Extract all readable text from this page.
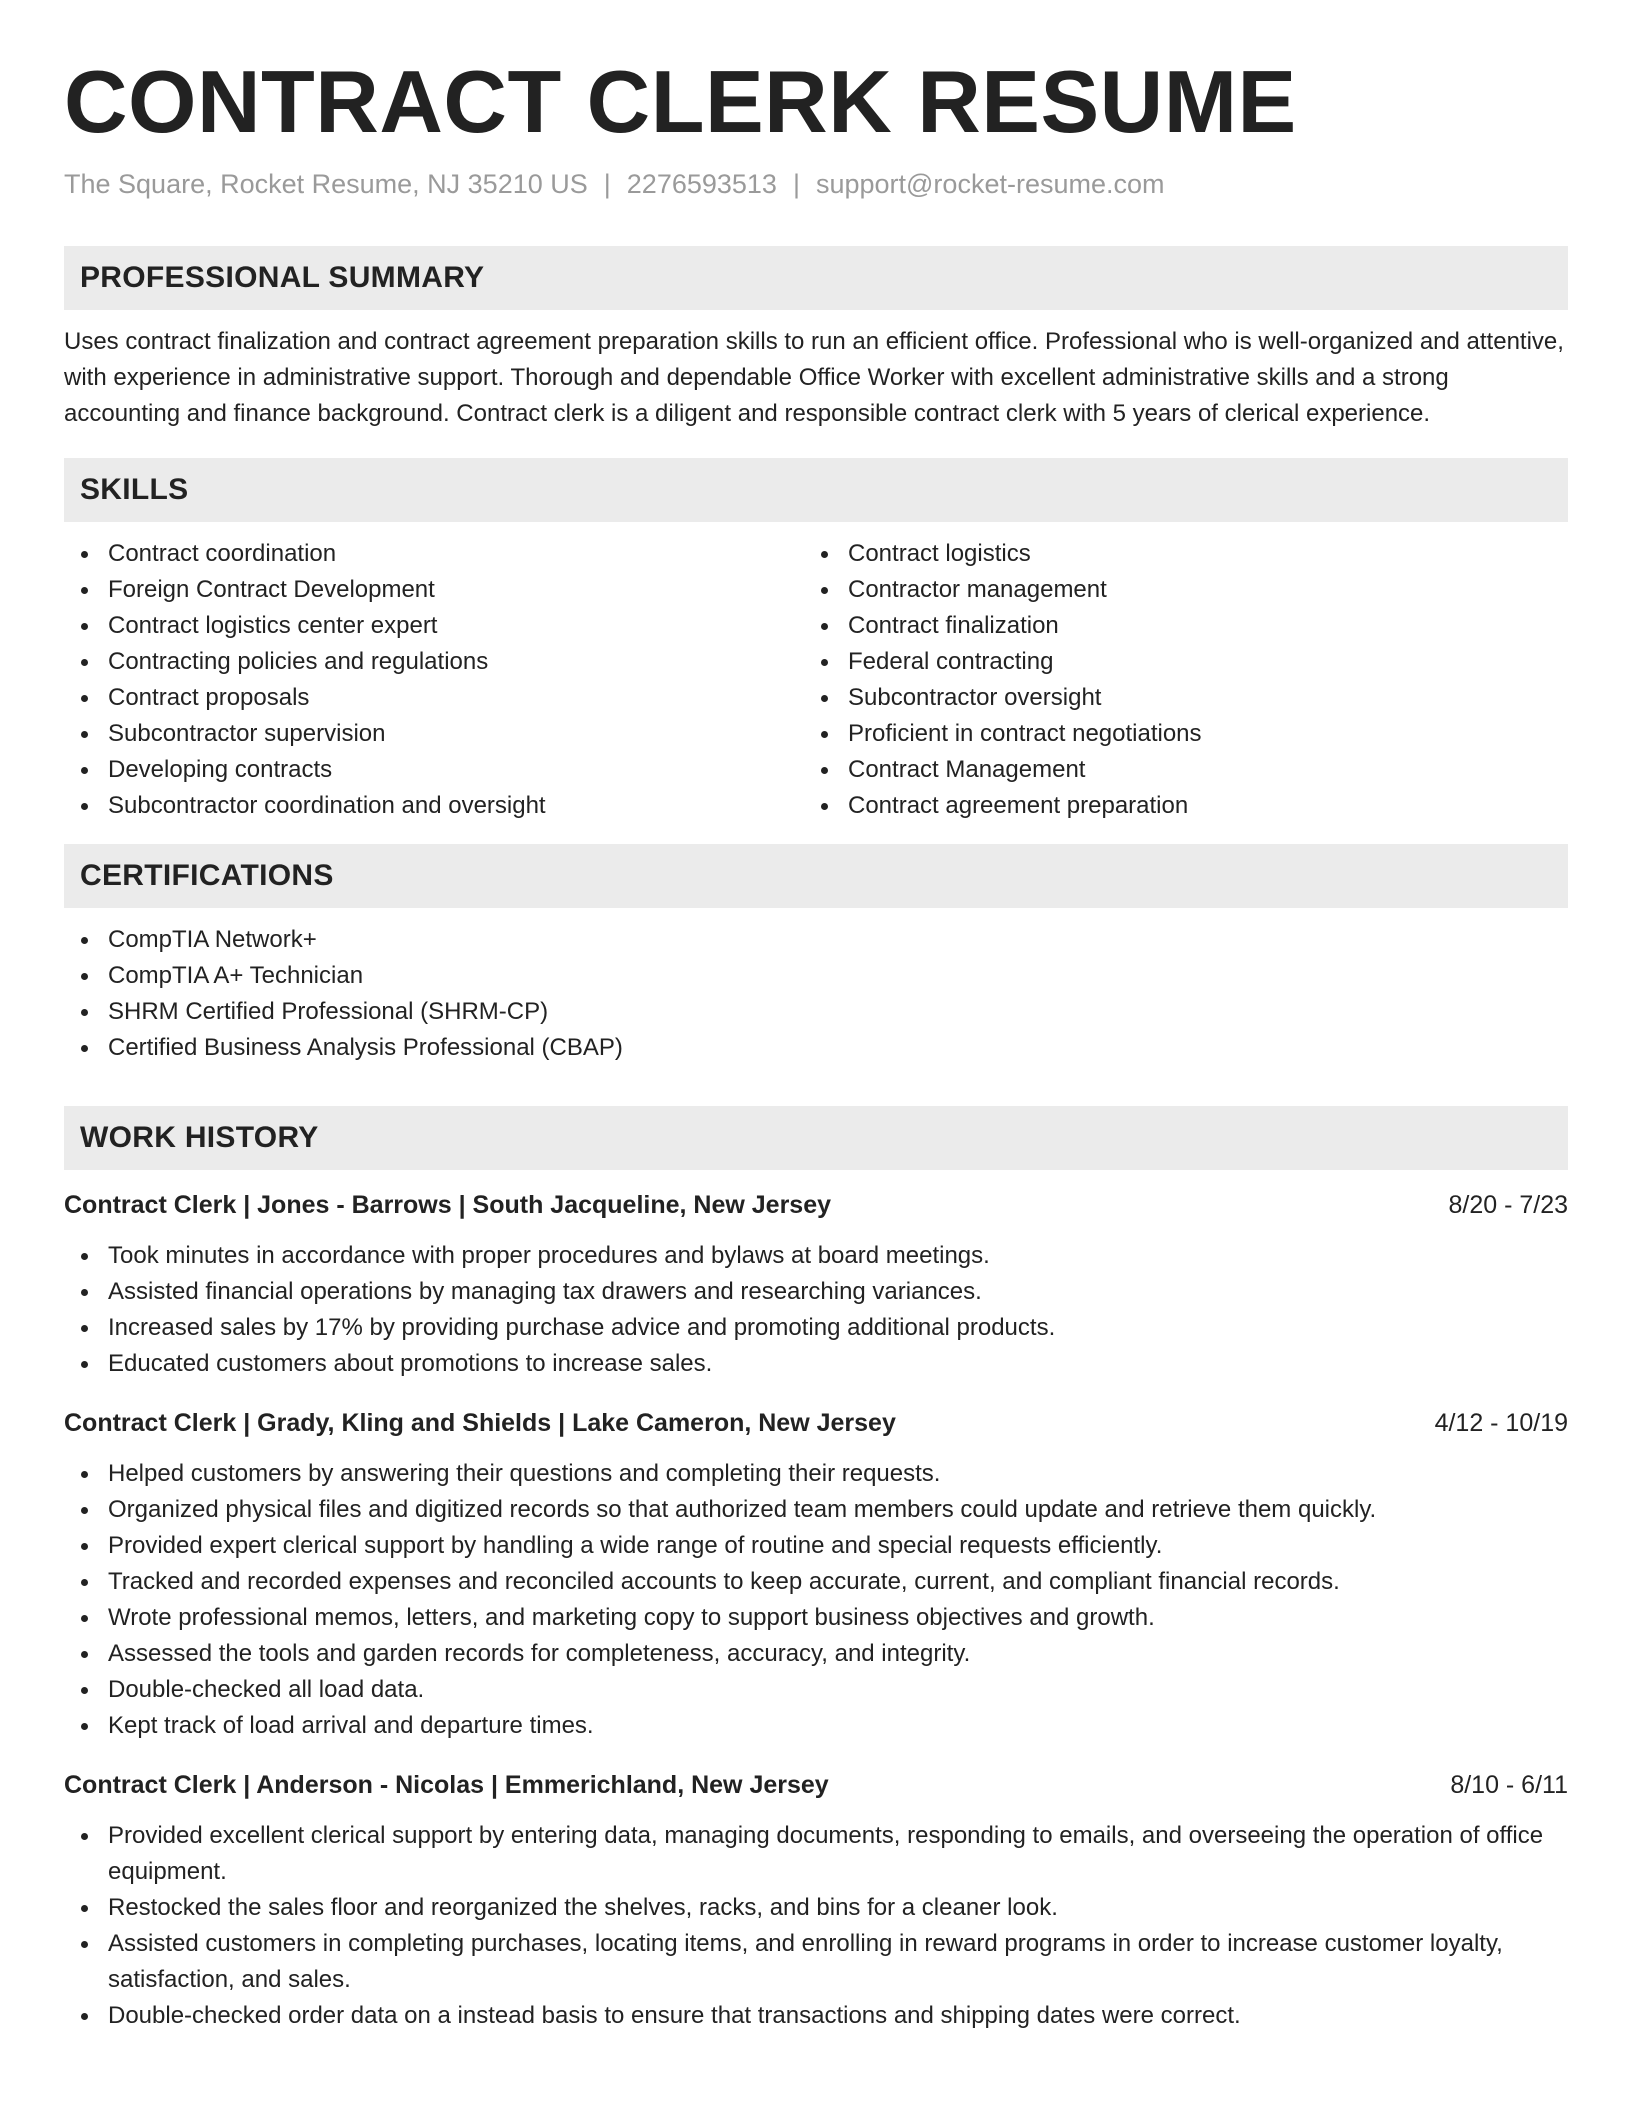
CONTRACT CLERK RESUME
The Square, Rocket Resume, NJ 35210 US | 2276593513 | support@rocket-resume.com
PROFESSIONAL SUMMARY

Uses contract finalization and contract agreement preparation skills to run an efficient office. Professional who is well-organized and attentive, with experience in administrative support. Thorough and dependable Office Worker with excellent administrative skills and a strong accounting and finance background. Contract clerk is a diligent and responsible contract clerk with 5 years of clerical experience.

SKILLS
Contract coordination
Foreign Contract Development
Contract logistics center expert
Contracting policies and regulations
Contract proposals
Subcontractor supervision
Developing contracts
Subcontractor coordination and oversight
Contract logistics
Contractor management
Contract finalization
Federal contracting
Subcontractor oversight
Proficient in contract negotiations
Contract Management
Contract agreement preparation
CERTIFICATIONS
CompTIA Network+
CompTIA A+ Technician
SHRM Certified Professional (SHRM-CP)
Certified Business Analysis Professional (CBAP)
WORK HISTORY
Contract Clerk | Jones - Barrows | South Jacqueline, New Jersey	8/20 - 7/23
Took minutes in accordance with proper procedures and bylaws at board meetings.
Assisted financial operations by managing tax drawers and researching variances.
Increased sales by 17% by providing purchase advice and promoting additional products.
Educated customers about promotions to increase sales.
Contract Clerk | Grady, Kling and Shields | Lake Cameron, New Jersey	4/12 - 10/19
Helped customers by answering their questions and completing their requests.
Organized physical files and digitized records so that authorized team members could update and retrieve them quickly.
Provided expert clerical support by handling a wide range of routine and special requests efficiently.
Tracked and recorded expenses and reconciled accounts to keep accurate, current, and compliant financial records.
Wrote professional memos, letters, and marketing copy to support business objectives and growth.
Assessed the tools and garden records for completeness, accuracy, and integrity.
Double-checked all load data.
Kept track of load arrival and departure times.
Contract Clerk | Anderson - Nicolas | Emmerichland, New Jersey	8/10 - 6/11
Provided excellent clerical support by entering data, managing documents, responding to emails, and overseeing the operation of office equipment.
Restocked the sales floor and reorganized the shelves, racks, and bins for a cleaner look.
Assisted customers in completing purchases, locating items, and enrolling in reward programs in order to increase customer loyalty, satisfaction, and sales.
Double-checked order data on a instead basis to ensure that transactions and shipping dates were correct.
